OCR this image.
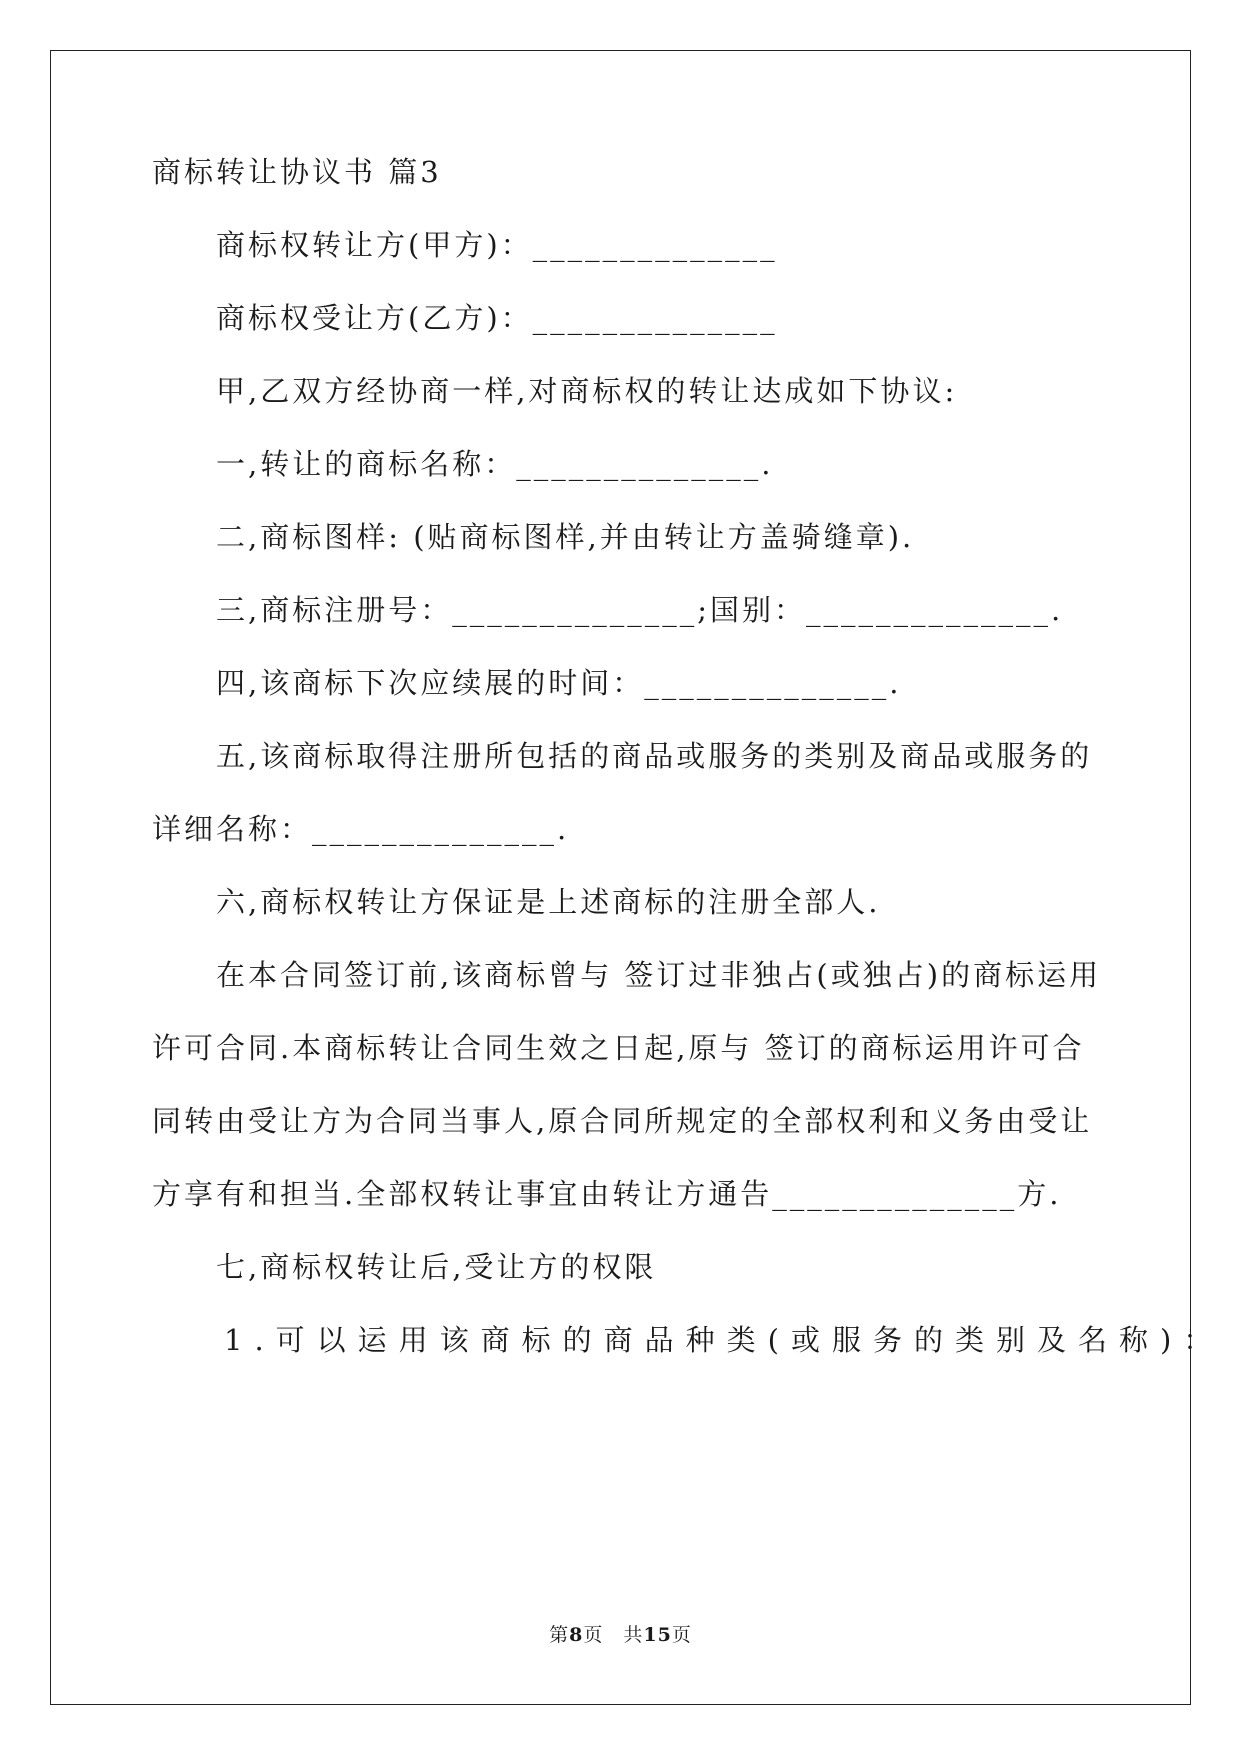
商标转让协议书 篇3
商标权转让方(甲方)：______________
商标权受让方(乙方)：______________
甲,乙双方经协商一样,对商标权的转让达成如下协议:
一,转让的商标名称：______________.
二,商标图样: (贴商标图样,并由转让方盖骑缝章).
三,商标注册号：______________;国别：______________.
四,该商标下次应续展的时间：______________.
五,该商标取得注册所包括的商品或服务的类别及商品或服务的
详细名称：______________.
六,商标权转让方保证是上述商标的注册全部人.
在本合同签订前,该商标曾与 签订过非独占(或独占)的商标运用
许可合同.本商标转让合同生效之日起,原与 签订的商标运用许可合
同转由受让方为合同当事人,原合同所规定的全部权利和义务由受让
方享有和担当.全部权转让事宜由转让方通告______________方.
七,商标权转让后,受让方的权限
1.可以运用该商标的商品种类(或服务的类别及名称)：
第8页　共15页
